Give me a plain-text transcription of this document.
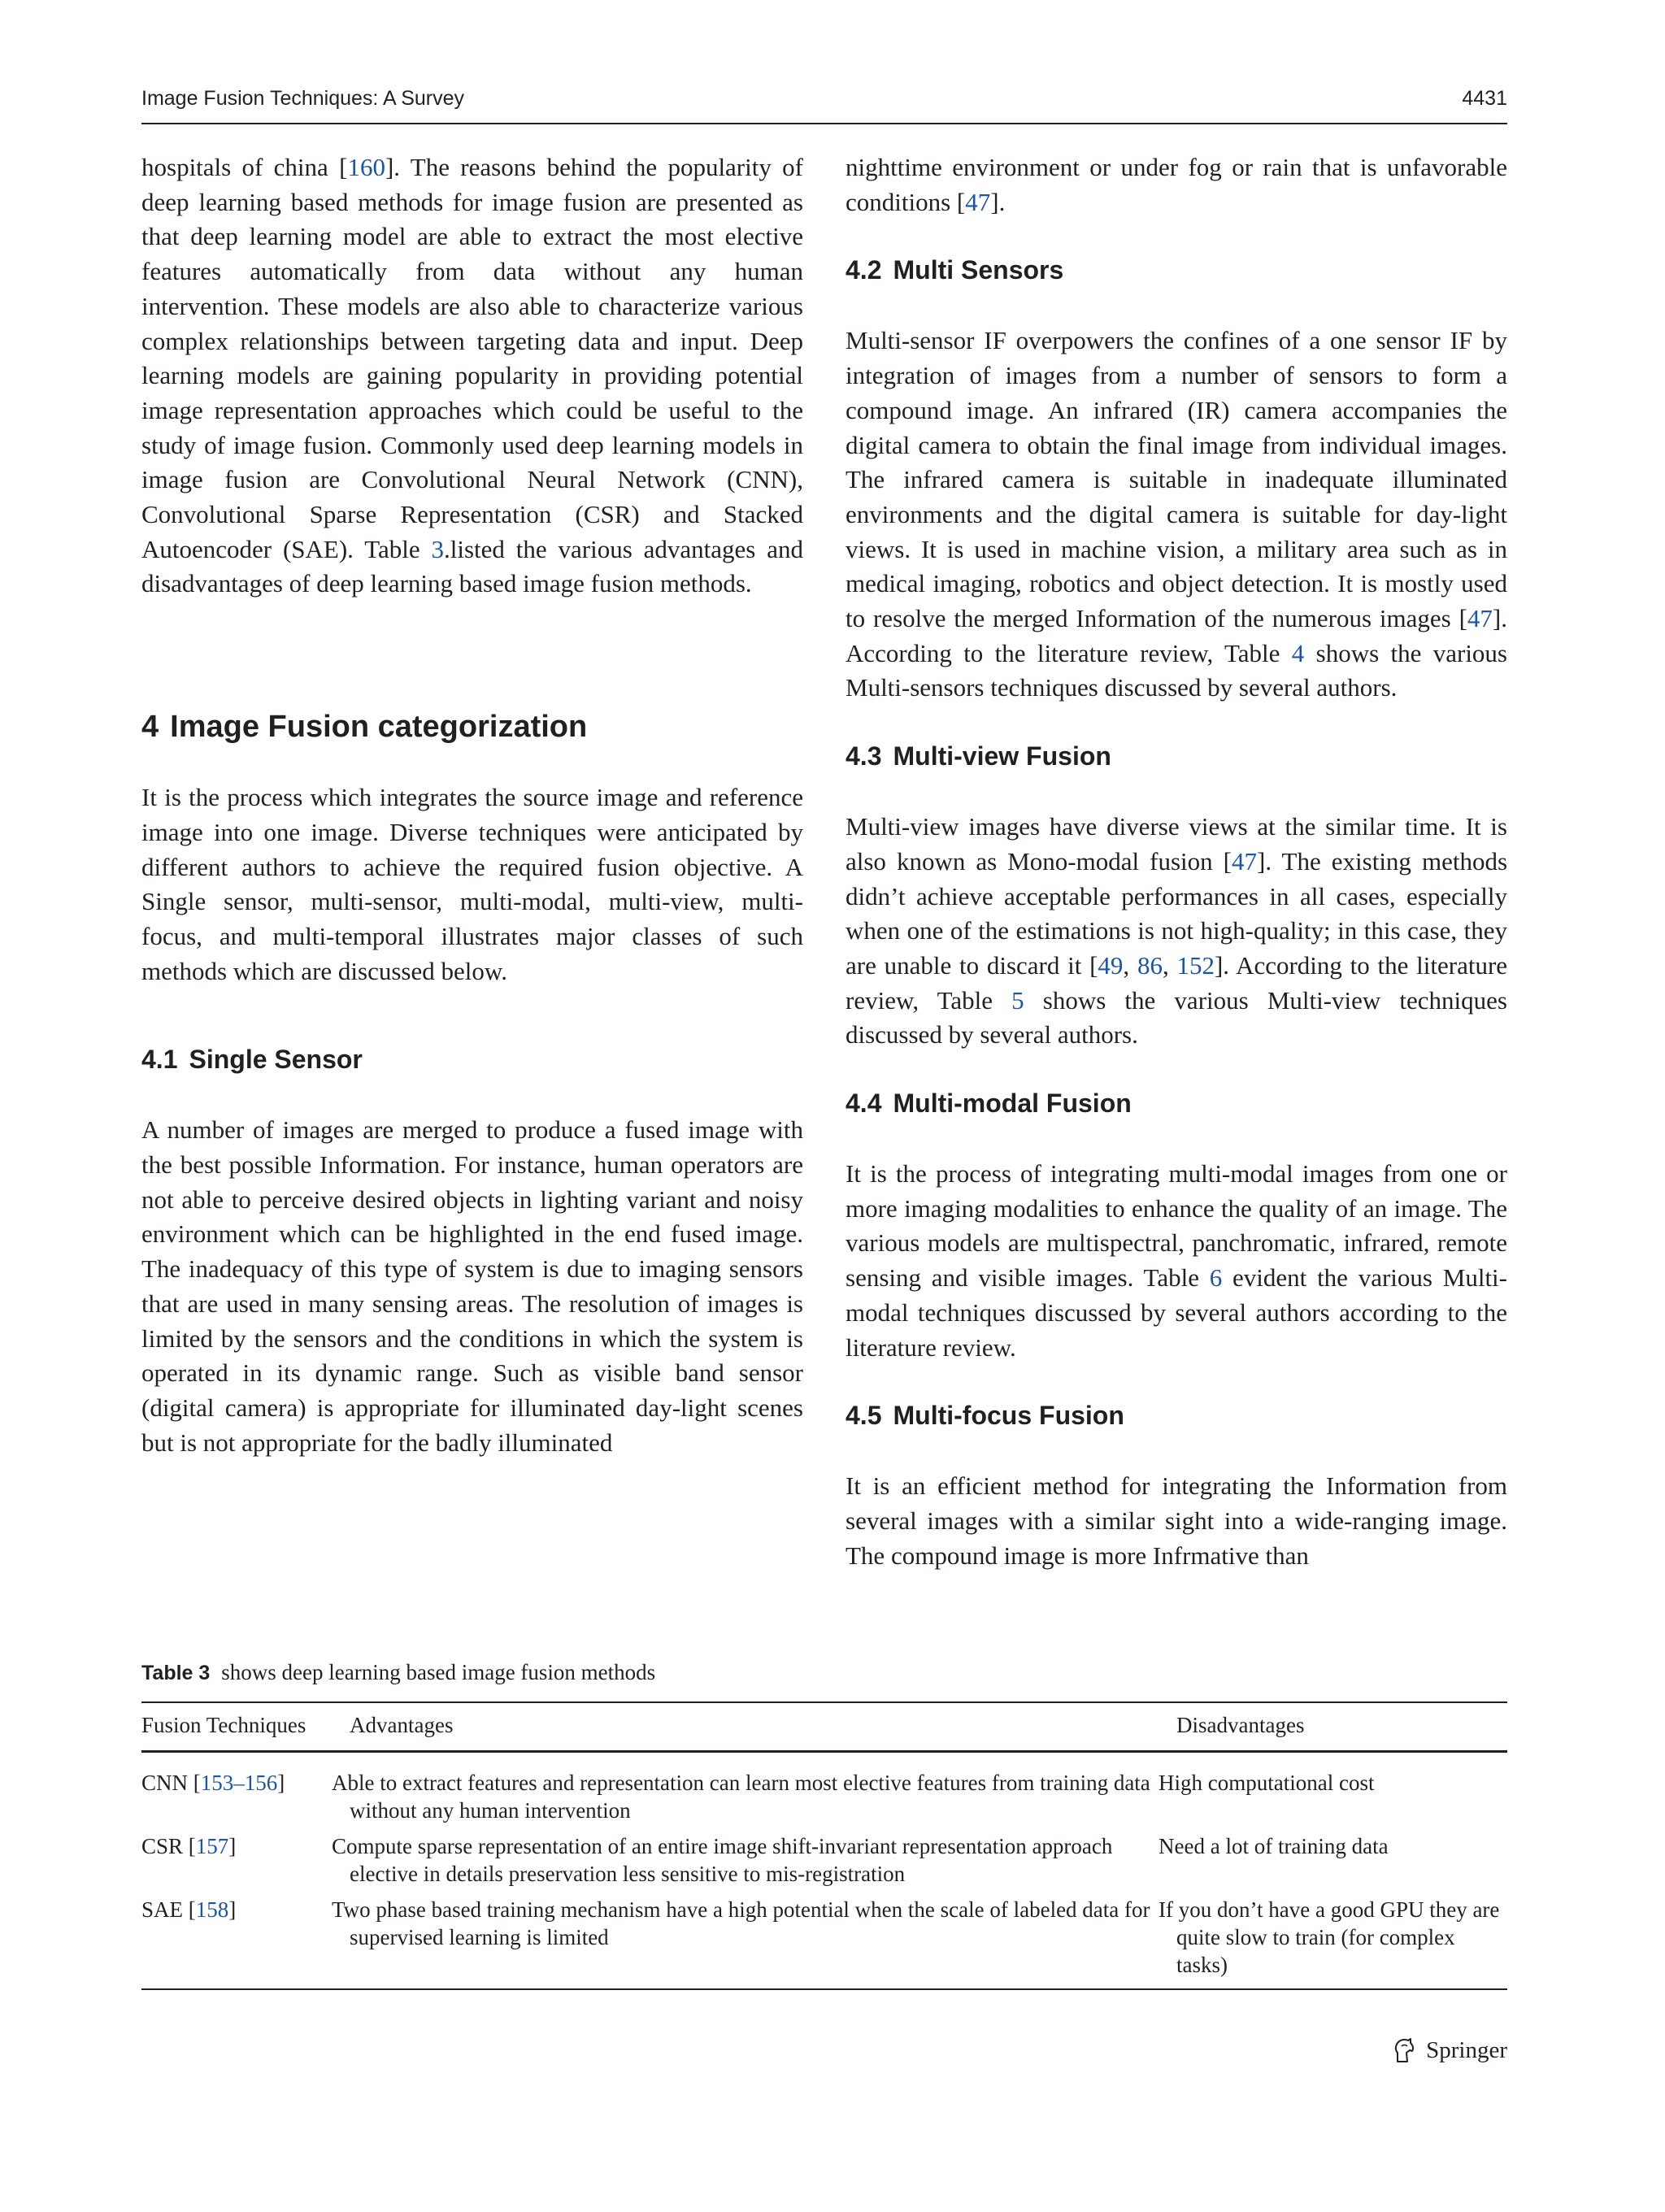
Image Fusion Techniques: A Survey	4431

hospitals of china [160]. The reasons behind the popularity of deep learning based methods for image fusion are presented as that deep learning model are able to extract the most elective features automatically from data without any human intervention. These models are also able to characterize various complex relationships between targeting data and input. Deep learning models are gaining popularity in providing potential image representation approaches which could be useful to the study of image fusion. Commonly used deep learning models in image fusion are Convolutional Neural Network (CNN), Convolutional Sparse Representation (CSR) and Stacked Autoencoder (SAE). Table 3.listed the various advantages and disadvantages of deep learning based image fusion methods.

4 Image Fusion categorization

It is the process which integrates the source image and reference image into one image. Diverse techniques were anticipated by different authors to achieve the required fusion objective. A Single sensor, multi-sensor, multi-modal, multi-view, multi-focus, and multi-temporal illustrates major classes of such methods which are discussed below.

4.1 Single Sensor

A number of images are merged to produce a fused image with the best possible Information. For instance, human operators are not able to perceive desired objects in lighting variant and noisy environment which can be highlighted in the end fused image. The inadequacy of this type of system is due to imaging sensors that are used in many sensing areas. The resolution of images is limited by the sensors and the conditions in which the system is operated in its dynamic range. Such as visible band sensor (digital camera) is appropriate for illuminated day-light scenes but is not appropriate for the badly illuminated

nighttime environment or under fog or rain that is unfavorable conditions [47].

4.2 Multi Sensors

Multi-sensor IF overpowers the confines of a one sensor IF by integration of images from a number of sensors to form a compound image. An infrared (IR) camera accompanies the digital camera to obtain the final image from individual images. The infrared camera is suitable in inadequate illuminated environments and the digital camera is suitable for day-light views. It is used in machine vision, a military area such as in medical imaging, robotics and object detection. It is mostly used to resolve the merged Information of the numerous images [47]. According to the literature review, Table 4 shows the various Multi-sensors techniques discussed by several authors.

4.3 Multi-view Fusion

Multi-view images have diverse views at the similar time. It is also known as Mono-modal fusion [47]. The existing methods didn’t achieve acceptable performances in all cases, especially when one of the estimations is not high-quality; in this case, they are unable to discard it [49, 86, 152]. According to the literature review, Table 5 shows the various Multi-view techniques discussed by several authors.

4.4 Multi-modal Fusion

It is the process of integrating multi-modal images from one or more imaging modalities to enhance the quality of an image. The various models are multispectral, panchromatic, infrared, remote sensing and visible images. Table 6 evident the various Multi-modal techniques discussed by several authors according to the literature review.

4.5 Multi-focus Fusion

It is an efficient method for integrating the Information from several images with a similar sight into a wide-ranging image. The compound image is more Infrmative than

Table 3 shows deep learning based image fusion methods
Fusion Techniques	Advantages	Disadvantages
CNN [153–156]	Able to extract features and representation can learn most elective features from training data without any human intervention	High computational cost
CSR [157]	Compute sparse representation of an entire image shift-invariant representation approach elective in details preservation less sensitive to mis-registration	Need a lot of training data
SAE [158]	Two phase based training mechanism have a high potential when the scale of labeled data for supervised learning is limited	If you don’t have a good GPU they are quite slow to train (for complex tasks)
Springer
